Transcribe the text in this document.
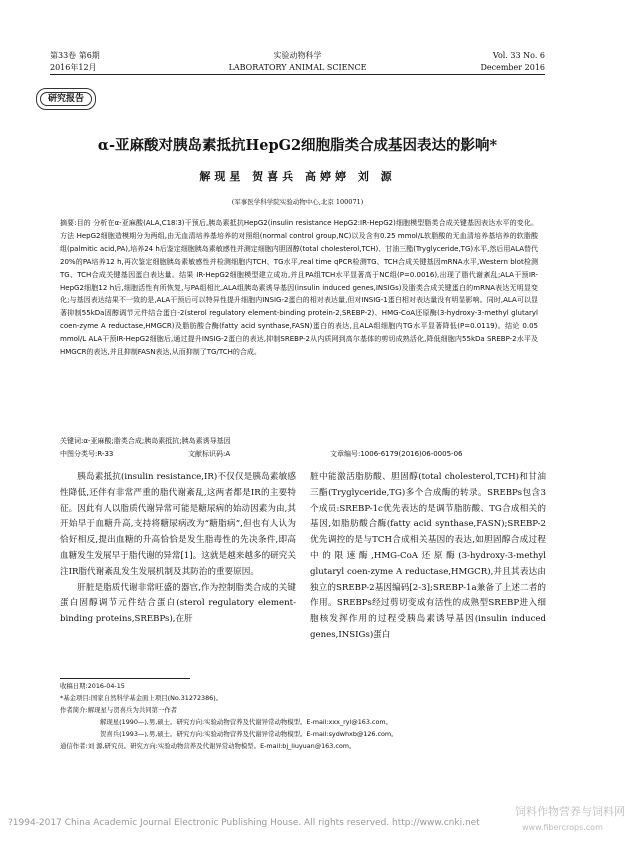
第33卷 第6期
2016年12月
实验动物科学
LABORATORY ANIMAL SCIENCE
Vol. 33 No. 6
December 2016
研究报告
α-亚麻酸对胰岛素抵抗HepG2细胞脂类合成基因表达的影响*
解现星 贺喜兵 高婷婷 刘 源
(军事医学科学院实验动物中心,北京 100071)

摘要:目的 分析在α-亚麻酸(ALA,C18∶3)干预后,胰岛素抵抗HepG2(insulin resistance HepG2:IR-HepG2)细胞模型脂类合成关键基因表达水平的变化。方法 HepG2细胞造模期分为两组,由无血清培养基培养的对照组(normal control group,NC)以及含有0.25 mmol/L软脂酸的无血清培养基培养的软脂酸组(palmitic acid,PA),培养24 h后鉴定细胞胰岛素敏感性并测定细胞内胆固醇(total cholesterol,TCH)、甘油三酯(Tryglyceride,TG)水平,然后用ALA替代20%的PA培养12 h,再次鉴定细胞胰岛素敏感性并检测细胞内TCH、TG水平,real time qPCR检测TG、TCH合成关键基因mRNA水平,Western blot检测TG、TCH合成关键基因蛋白表达量。结果 IR-HepG2细胞模型建立成功,并且PA组TCH水平显著高于NC组(P=0.0016),出现了脂代谢紊乱;ALA干预IR-HepG2细胞12 h后,细胞活性有所恢复,与PA组相比,ALA组胰岛素诱导基因(insulin induced genes,INSIGs)及脂类合成关键蛋白的mRNA表达无明显变化;与基因表达结果不一致的是,ALA干预后可以特异性提升细胞内INSIG-2蛋白的相对表达量,但对INSIG-1蛋白相对表达量没有明显影响。同时,ALA可以显著抑制55kDa固醇调节元件结合蛋白-2(sterol regulatory element-binding protein-2,SREBP-2)、HMG-CoA还原酶(3-hydroxy-3-methyl glutaryl coen-zyme A reductase,HMGCR)及脂肪酸合酶(fatty acid synthase,FASN)蛋白的表达,且ALA组细胞内TG水平显著降低(P=0.0119)。结论 0.05 mmol/L ALA干预IR-HepG2细胞后,通过提升INSIG-2蛋白的表达,抑制SREBP-2从内质网到高尔基体的剪切成熟活化,降低细胞内55kDa SREBP-2水平及HMGCR的表达,并且抑制FASN表达,从而抑制了TG/TCH的合成。

关键词:α-亚麻酸;脂类合成;胰岛素抵抗;胰岛素诱导基因
中图分类号:R-33	文献标识码:A	文章编号:1006-6179(2016)06-0005-06

胰岛素抵抗(insulin resistance,IR)不仅仅是胰岛素敏感性降低,还伴有非常严重的脂代谢紊乱,这两者都是IR的主要特征。因此有人以脂质代谢异常可能是糖尿病的始动因素为由,其开始早于血糖升高,支持将糖尿病改为“糖脂病”,但也有人认为恰好相反,提出血糖的升高恰恰是发生脂毒性的先决条件,即高血糖发生发展早于脂代谢的异常[1]。这就是越来越多的研究关注IR脂代谢紊乱发生发展机制及其防治的重要原因。

肝脏是脂质代谢非常旺盛的器官,作为控制脂类合成的关键蛋白固醇调节元件结合蛋白(sterol regulatory element-binding proteins,SREBPs),在肝

脏中能激活脂肪酸、胆固醇(total cholesterol,TCH)和甘油三酯(Tryglyceride,TG)多个合成酶的转录。SREBPs包含3个成员:SREBP-1c优先表达的是调节脂肪酸、TG合成相关的基因,如脂肪酸合酶(fatty acid synthase,FASN);SREBP-2优先调控的是与TCH合成相关基因的表达,如胆固醇合成过程中的限速酶,HMG-CoA还原酶(3-hydroxy-3-methyl glutaryl coen-zyme A reductase,HMGCR),并且其表达由独立的SREBP-2基因编码[2-3];SREBP-1a兼备了上述二者的作用。SREBPs经过剪切变成有活性的成熟型SREBP进入细胞核发挥作用的过程受胰岛素诱导基因(insulin induced genes,INSIGs)蛋白

收稿日期:2016-04-15
*基金项目:国家自然科学基金面上项目(No.31272386)。
作者简介:解现星与贺喜兵为共同第一作者
解现星(1990—),男,硕士。研究方向:实验动物营养及代谢异常动物模型。E-mail:xxx_ryl@163.com。
贺喜兵(1993—),男,硕士。研究方向:实验动物营养及代谢异常动物模型。E-mail:sydwhxb@126.com。
通信作者:刘 源,研究员。研究方向:实验动物营养及代谢异常动物模型。E-mail:bj_liuyuan@163.com。
?1994-2017 China Academic Journal Electronic Publishing House. All rights reserved. http://www.cnki.net
饲料作物营养与饲料网
www.fibercrops.com
